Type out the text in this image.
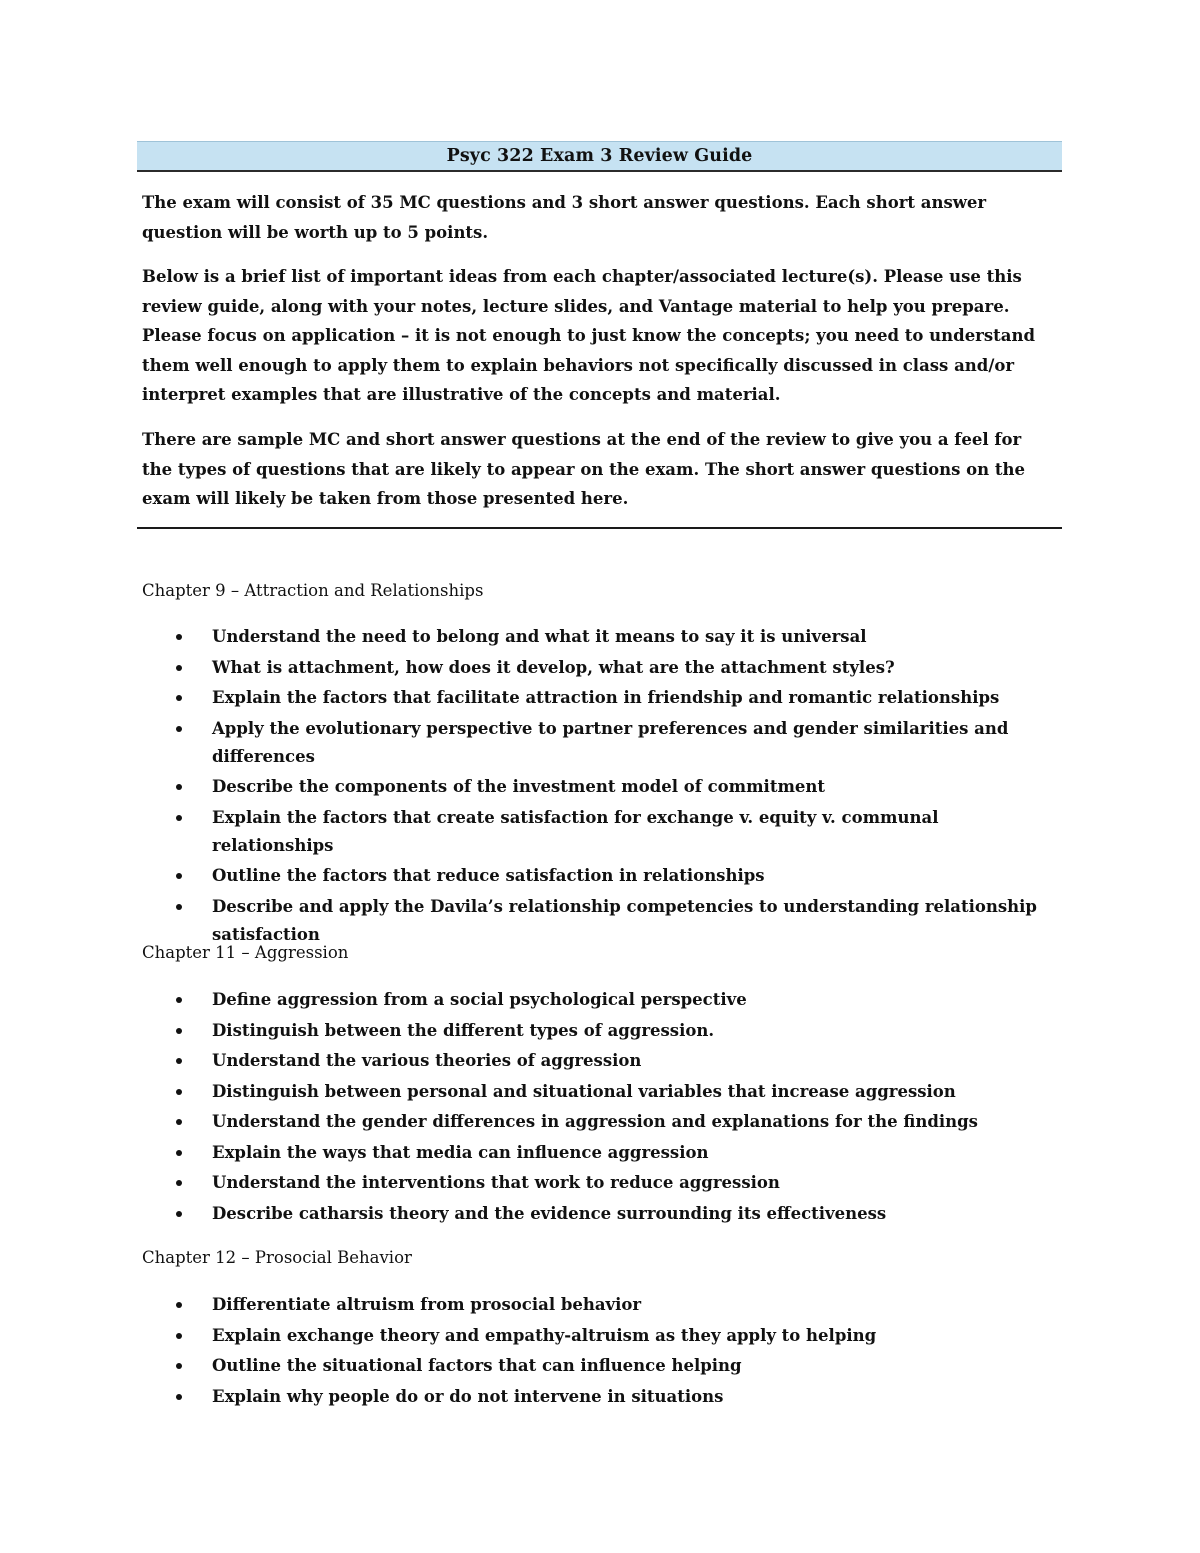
Psyc 322 Exam 3 Review Guide

The exam will consist of 35 MC questions and 3 short answer questions. Each short answer question will be worth up to 5 points.

Below is a brief list of important ideas from each chapter/associated lecture(s). Please use this review guide, along with your notes, lecture slides, and Vantage material to help you prepare. Please focus on application – it is not enough to just know the concepts; you need to understand them well enough to apply them to explain behaviors not specifically discussed in class and/or interpret examples that are illustrative of the concepts and material.

There are sample MC and short answer questions at the end of the review to give you a feel for the types of questions that are likely to appear on the exam. The short answer questions on the exam will likely be taken from those presented here.

Chapter 9 – Attraction and Relationships
Understand the need to belong and what it means to say it is universal
What is attachment, how does it develop, what are the attachment styles?
Explain the factors that facilitate attraction in friendship and romantic relationships
Apply the evolutionary perspective to partner preferences and gender similarities and differences
Describe the components of the investment model of commitment
Explain the factors that create satisfaction for exchange v. equity v. communal relationships
Outline the factors that reduce satisfaction in relationships
Describe and apply the Davila’s relationship competencies to understanding relationship satisfaction
Chapter 11 – Aggression
Define aggression from a social psychological perspective
Distinguish between the different types of aggression.
Understand the various theories of aggression
Distinguish between personal and situational variables that increase aggression
Understand the gender differences in aggression and explanations for the findings
Explain the ways that media can influence aggression
Understand the interventions that work to reduce aggression
Describe catharsis theory and the evidence surrounding its effectiveness
Chapter 12 – Prosocial Behavior
Differentiate altruism from prosocial behavior
Explain exchange theory and empathy-altruism as they apply to helping
Outline the situational factors that can influence helping
Explain why people do or do not intervene in situations
